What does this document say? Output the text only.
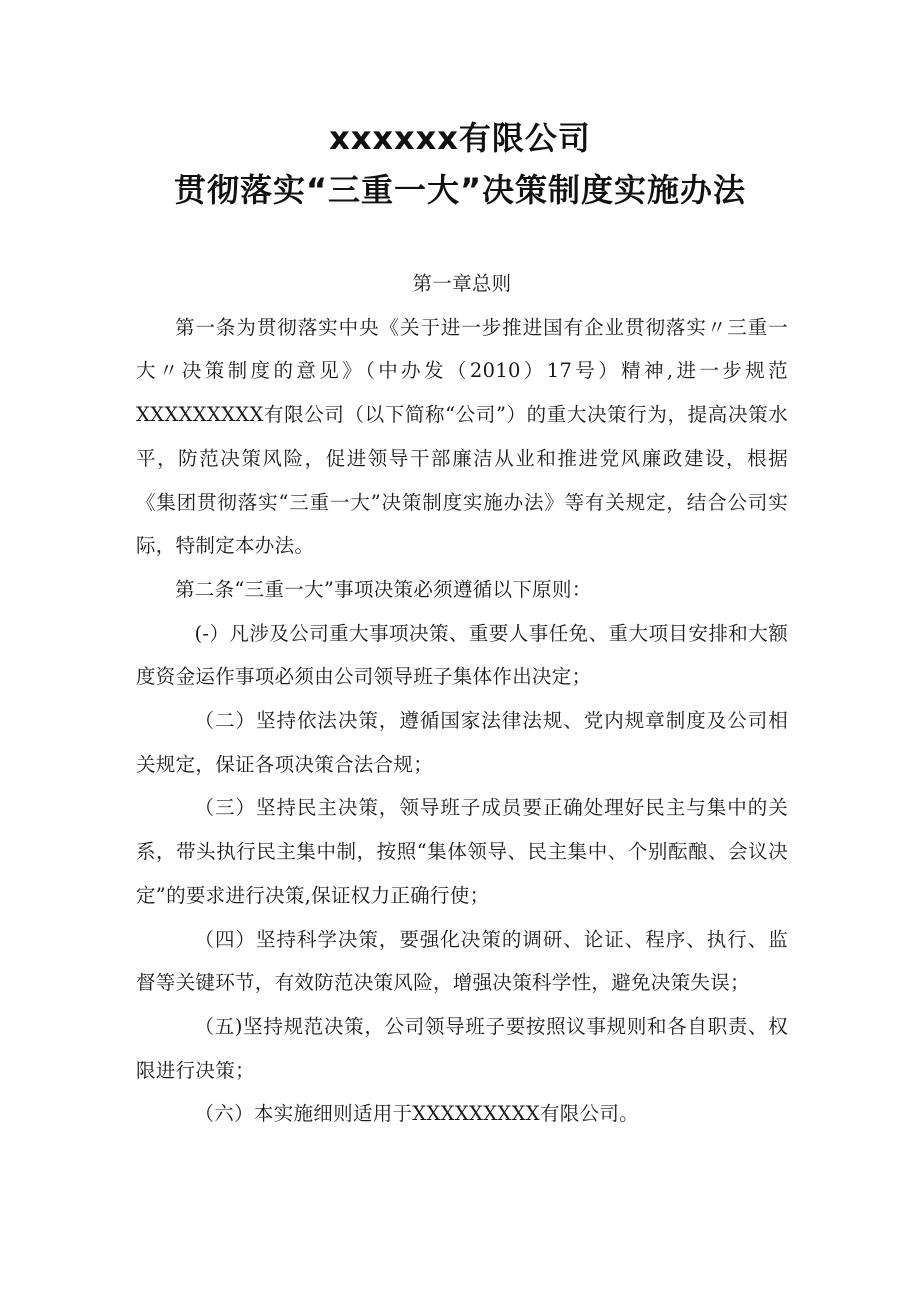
xxxxxx有限公司
贯彻落实“三重一大”决策制度实施办法

第一章总则

第一条为贯彻落实中央《关于进一步推进国有企业贯彻落实〃三重一大〃决策制度的意见》（中办发（2010）17号）精神,进一步规范XXXXXXXXX有限公司（以下简称“公司”）的重大决策行为，提高决策水平，防范决策风险，促进领导干部廉洁从业和推进党风廉政建设，根据《集团贯彻落实“三重一大”决策制度实施办法》等有关规定，结合公司实际，特制定本办法。

第二条“三重一大”事项决策必须遵循以下原则：

(-）凡涉及公司重大事项决策、重要人事任免、重大项目安排和大额度资金运作事项必须由公司领导班子集体作出决定；

（二）坚持依法决策，遵循国家法律法规、党内规章制度及公司相关规定，保证各项决策合法合规；

（三）坚持民主决策，领导班子成员要正确处理好民主与集中的关系，带头执行民主集中制，按照“集体领导、民主集中、个别酝酿、会议决定”的要求进行决策,保证权力正确行使；

（四）坚持科学决策，要强化决策的调研、论证、程序、执行、监督等关键环节，有效防范决策风险，增强决策科学性，避免决策失误；

（五)坚持规范决策，公司领导班子要按照议事规则和各自职责、权限进行决策；

（六）本实施细则适用于XXXXXXXXX有限公司。
